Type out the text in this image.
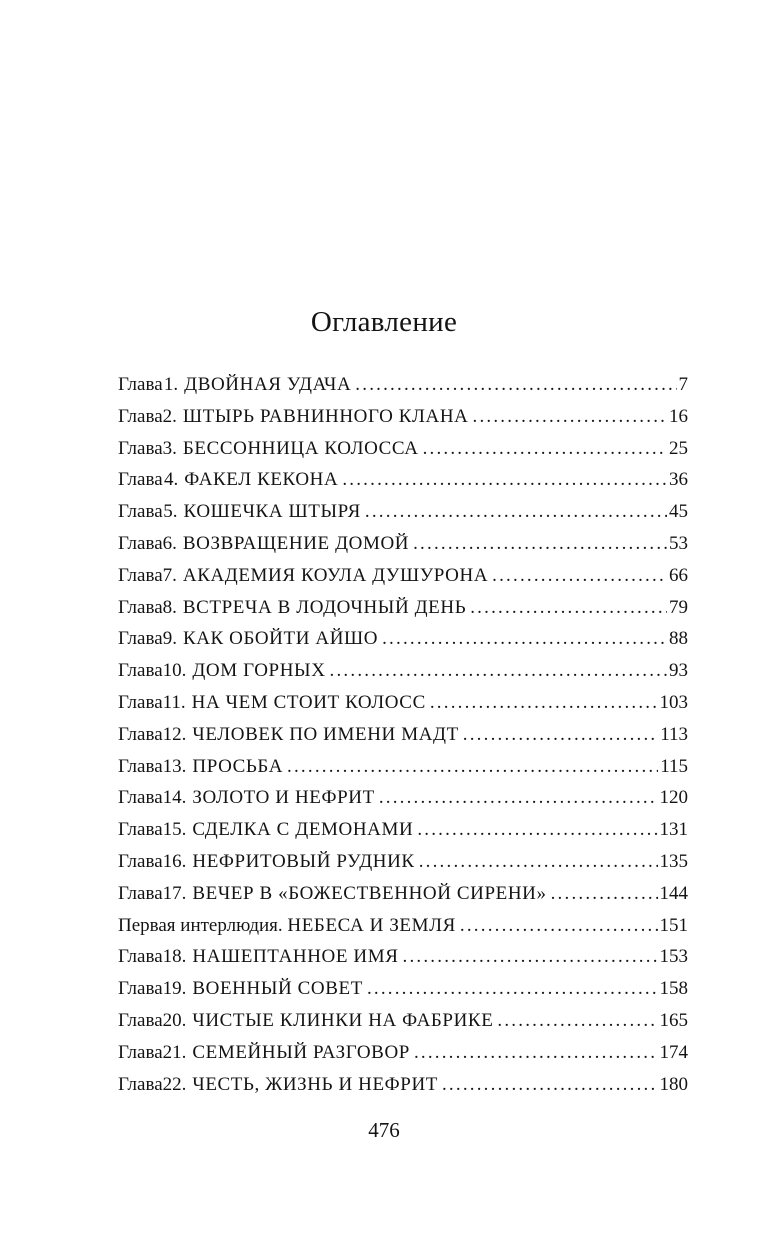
Оглавление
Глава 1 . ДВОЙНАЯ УДАЧА .....	7
Глава 2 . ШТЫРЬ РАВНИННОГО КЛАНА .....	16
Глава 3 . БЕССОННИЦА КОЛОССА .....	25
Глава 4 . ФАКЕЛ КЕКОНА .....	36
Глава 5 . КОШЕЧКА ШТЫРЯ .....	45
Глава 6 . ВОЗВРАЩЕНИЕ ДОМОЙ .....	53
Глава 7 . АКАДЕМИЯ КОУЛА ДУШУРОНА .....	66
Глава 8 . ВСТРЕЧА В ЛОДОЧНЫЙ ДЕНЬ .....	79
Глава 9 . КАК ОБОЙТИ АЙШО .....	88
Глава 10 . ДОМ ГОРНЫХ .....	93
Глава 11 . НА ЧЕМ СТОИТ КОЛОСС .....	103
Глава 12 . ЧЕЛОВЕК ПО ИМЕНИ МАДТ .....	113
Глава 13 . ПРОСЬБА .....	115
Глава 14 . ЗОЛОТО И НЕФРИТ .....	120
Глава 15 . СДЕЛКА С ДЕМОНАМИ .....	131
Глава 16 . НЕФРИТОВЫЙ РУДНИК .....	135
Глава 17 . ВЕЧЕР В «БОЖЕСТВЕННОЙ СИРЕНИ» .....	144
Первая интерлюдия.
НЕБЕСА И ЗЕМЛЯ .....	151
Глава 18 . НАШЕПТАННОЕ ИМЯ .....	153
Глава 19 . ВОЕННЫЙ СОВЕТ .....	158
Глава 20 . ЧИСТЫЕ КЛИНКИ НА ФАБРИКЕ .....	165
Глава 21 . СЕМЕЙНЫЙ РАЗГОВОР .....	174
Глава 22 . ЧЕСТЬ, ЖИЗНЬ И НЕФРИТ .....	180
476
